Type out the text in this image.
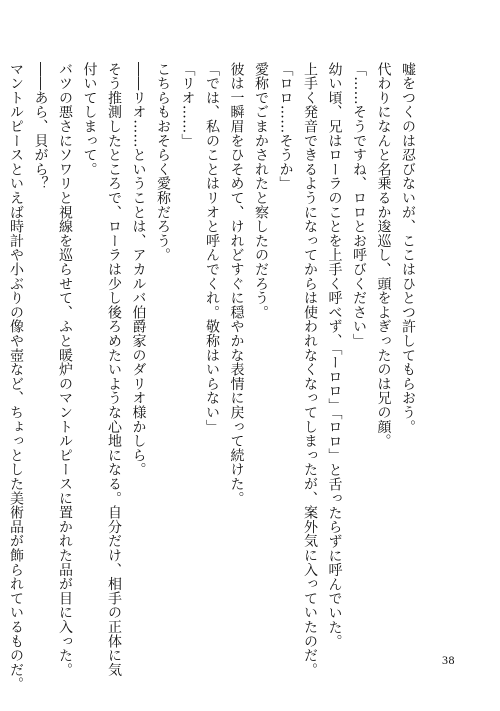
嘘をつくのは忍びないが、ここはひとつ許してもらおう。
代わりになんと名乗るか逡巡し、頭をよぎったのは兄の顔。
「……そうですね、ロロとお呼びください」
幼い頃、兄はローラのことを上手く呼べず、「ーロロ」「ロロ」と舌ったらずに呼んでいた。
上手く発音できるようになってからは使われなくなってしまったが、案外気に入っていたのだ。
「ロロ……そうか」
愛称でごまかされたと察したのだろう。
彼は一瞬眉をひそめて、けれどすぐに穏やかな表情に戻って続けた。
「では、私のことはリオと呼んでくれ。敬称はいらない」
「リオ……」
こちらもおそらく愛称だろう。
――リオ……ということは、アカルバ伯爵家のダリオ様かしら。
そう推測したところで、ローラは少し後ろめたいような心地になる。自分だけ、相手の正体に気
付いてしまって。
バツの悪さにソワリと視線を巡らせて、ふと暖炉のマントルピースに置かれた品が目に入った。
――あら、貝がら？
マントルピースといえば時計や小ぶりの像や壺など、ちょっとした美術品が飾られているものだ。	38
